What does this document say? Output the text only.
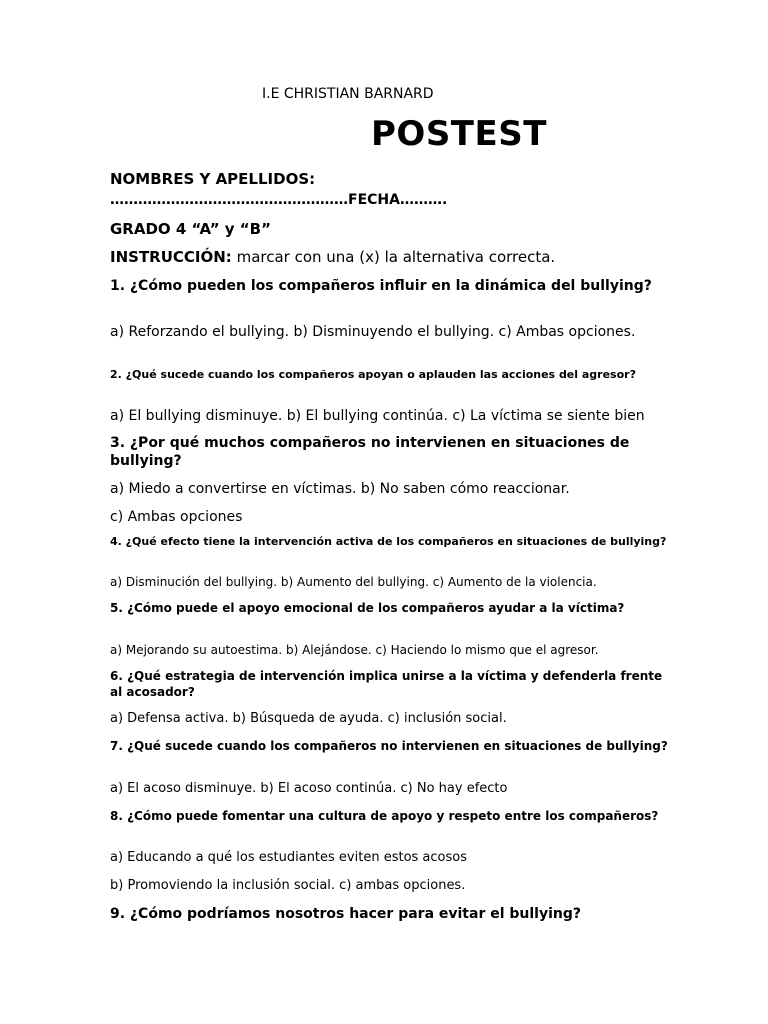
I.E CHRISTIAN BARNARD
POSTEST

NOMBRES Y APELLIDOS:

……………………………………………FECHA……….

GRADO 4 “A” y “B”

INSTRUCCIÓN: marcar con una (x) la alternativa correcta.

1. ¿Cómo pueden los compañeros influir en la dinámica del bullying?

a) Reforzando el bullying. b) Disminuyendo el bullying. c) Ambas opciones.

2. ¿Qué sucede cuando los compañeros apoyan o aplauden las acciones del agresor?

a) El bullying disminuye. b) El bullying continúa. c) La víctima se siente bien

3. ¿Por qué muchos compañeros no intervienen en situaciones de bullying?

a) Miedo a convertirse en víctimas. b) No saben cómo reaccionar.

c) Ambas opciones

4. ¿Qué efecto tiene la intervención activa de los compañeros en situaciones de bullying?

a) Disminución del bullying. b) Aumento del bullying. c) Aumento de la violencia.

5. ¿Cómo puede el apoyo emocional de los compañeros ayudar a la víctima?

a) Mejorando su autoestima. b) Alejándose. c) Haciendo lo mismo que el agresor.

6. ¿Qué estrategia de intervención implica unirse a la víctima y defenderla frente al acosador?

a) Defensa activa. b) Búsqueda de ayuda. c) inclusión social.

7. ¿Qué sucede cuando los compañeros no intervienen en situaciones de bullying?

a) El acoso disminuye. b) El acoso continúa. c) No hay efecto

8. ¿Cómo puede fomentar una cultura de apoyo y respeto entre los compañeros?

a) Educando a qué los estudiantes eviten estos acosos

b) Promoviendo la inclusión social. c) ambas opciones.

9. ¿Cómo podríamos nosotros hacer para evitar el bullying?
